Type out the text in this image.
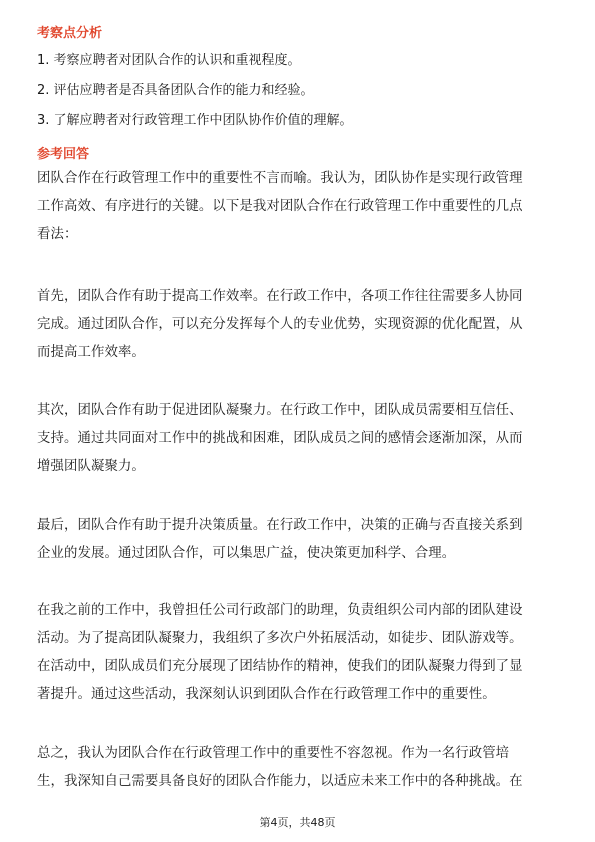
考察点分析
1. 考察应聘者对团队合作的认识和重视程度。
2. 评估应聘者是否具备团队合作的能力和经验。
3. 了解应聘者对行政管理工作中团队协作价值的理解。
参考回答
团队合作在行政管理工作中的重要性不言而喻。我认为，团队协作是实现行政管理
工作高效、有序进行的关键。以下是我对团队合作在行政管理工作中重要性的几点
看法：
首先，团队合作有助于提高工作效率。在行政工作中，各项工作往往需要多人协同
完成。通过团队合作，可以充分发挥每个人的专业优势，实现资源的优化配置，从
而提高工作效率。
其次，团队合作有助于促进团队凝聚力。在行政工作中，团队成员需要相互信任、
支持。通过共同面对工作中的挑战和困难，团队成员之间的感情会逐渐加深，从而
增强团队凝聚力。
最后，团队合作有助于提升决策质量。在行政工作中，决策的正确与否直接关系到
企业的发展。通过团队合作，可以集思广益，使决策更加科学、合理。
在我之前的工作中，我曾担任公司行政部门的助理，负责组织公司内部的团队建设
活动。为了提高团队凝聚力，我组织了多次户外拓展活动，如徒步、团队游戏等。
在活动中，团队成员们充分展现了团结协作的精神，使我们的团队凝聚力得到了显
著提升。通过这些活动，我深刻认识到团队合作在行政管理工作中的重要性。
总之，我认为团队合作在行政管理工作中的重要性不容忽视。作为一名行政管培
生，我深知自己需要具备良好的团队合作能力，以适应未来工作中的各种挑战。在
第4页，共48页
